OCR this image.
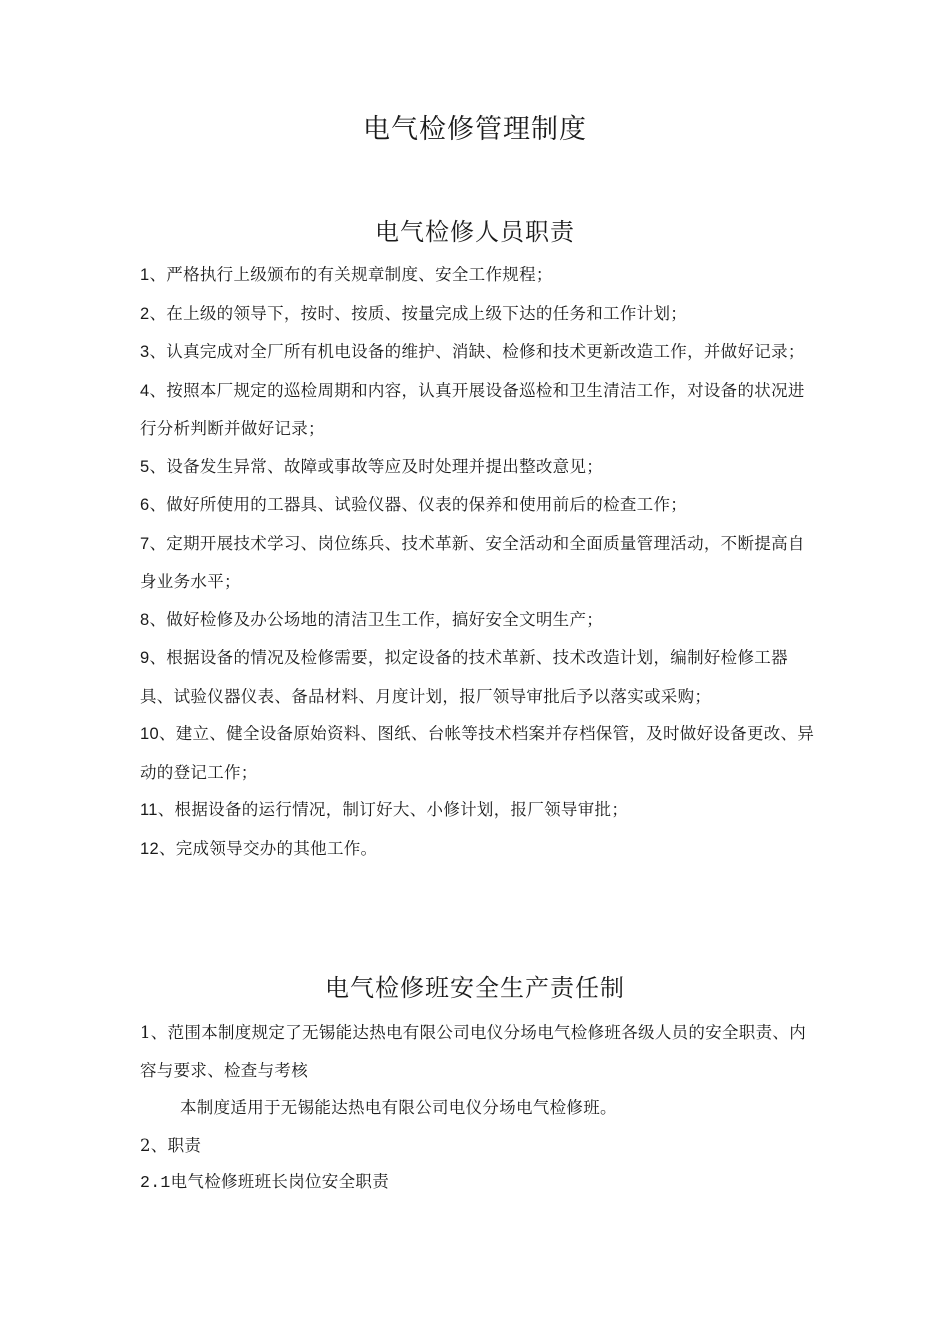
电气检修管理制度
电气检修人员职责
1、严格执行上级颁布的有关规章制度、安全工作规程；
2、在上级的领导下，按时、按质、按量完成上级下达的任务和工作计划；
3、认真完成对全厂所有机电设备的维护、消缺、检修和技术更新改造工作，并做好记录；
4、按照本厂规定的巡检周期和内容，认真开展设备巡检和卫生清洁工作，对设备的状况进行分析判断并做好记录；
5、设备发生异常、故障或事故等应及时处理并提出整改意见；
6、做好所使用的工器具、试验仪器、仪表的保养和使用前后的检查工作；
7、定期开展技术学习、岗位练兵、技术革新、安全活动和全面质量管理活动，不断提高自身业务水平；
8、做好检修及办公场地的清洁卫生工作，搞好安全文明生产；
9、根据设备的情况及检修需要，拟定设备的技术革新、技术改造计划，编制好检修工器具、试验仪器仪表、备品材料、月度计划，报厂领导审批后予以落实或采购；
10、建立、健全设备原始资料、图纸、台帐等技术档案并存档保管，及时做好设备更改、异动的登记工作；
11、根据设备的运行情况，制订好大、小修计划，报厂领导审批；
12、完成领导交办的其他工作。
电气检修班安全生产责任制

1、范围本制度规定了无锡能达热电有限公司电仪分场电气检修班各级人员的安全职责、内容与要求、检查与考核

本制度适用于无锡能达热电有限公司电仪分场电气检修班。

2、职责

2.1电气检修班班长岗位安全职责
